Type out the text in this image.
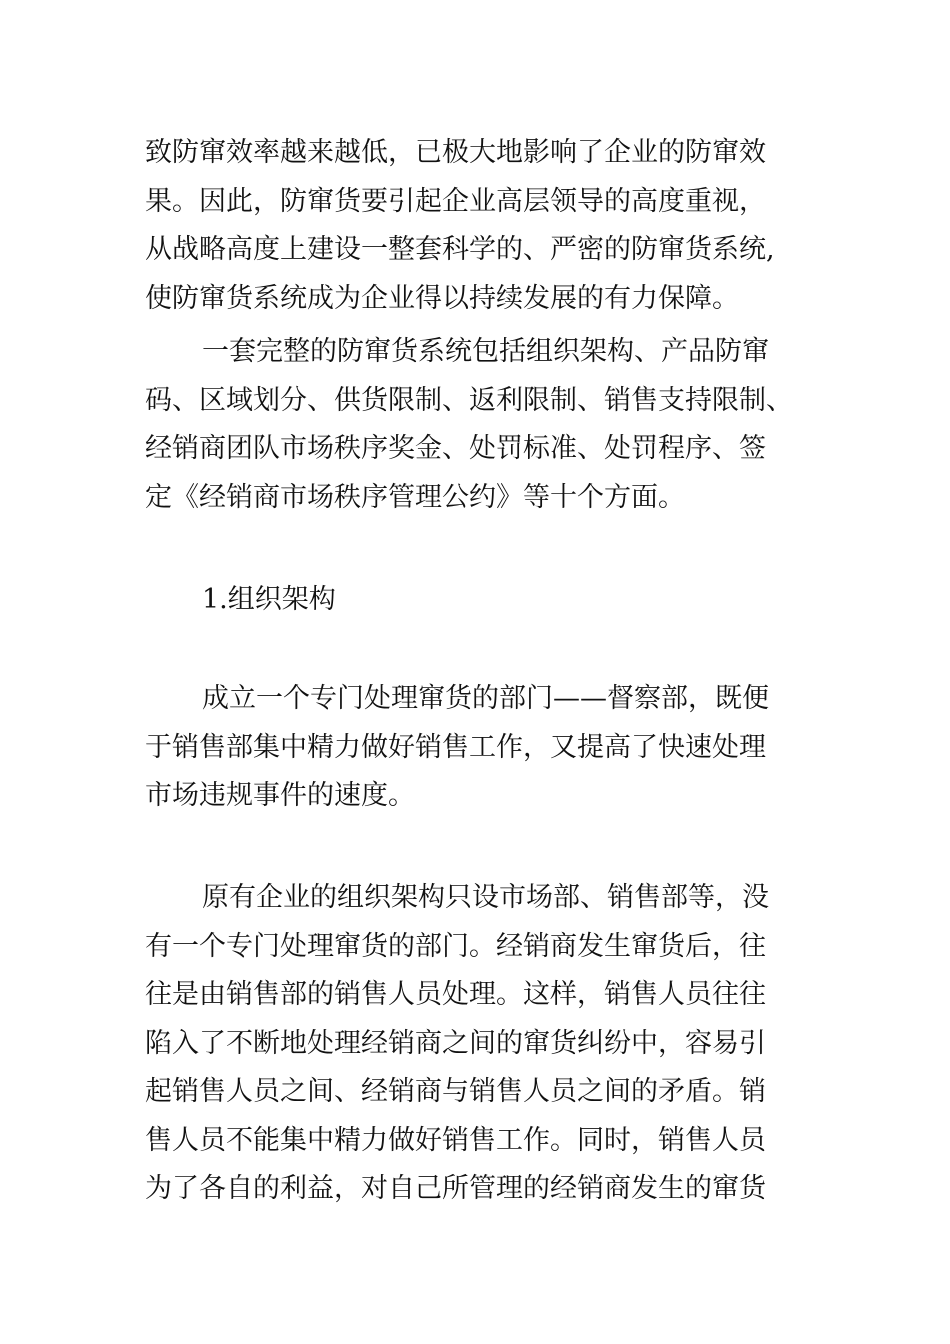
致防窜效率越来越低，已极大地影响了企业的防窜效
果。因此，防窜货要引起企业高层领导的高度重视，
从战略高度上建设一整套科学的、严密的防窜货系统,
使防窜货系统成为企业得以持续发展的有力保障。
一套完整的防窜货系统包括组织架构、产品防窜
码、区域划分、供货限制、返利限制、销售支持限制、
经销商团队市场秩序奖金、处罚标准、处罚程序、签
定《经销商市场秩序管理公约》等十个方面。
1.组织架构
成立一个专门处理窜货的部门——督察部，既便
于销售部集中精力做好销售工作，又提高了快速处理
市场违规事件的速度。
原有企业的组织架构只设市场部、销售部等，没
有一个专门处理窜货的部门。经销商发生窜货后，往
往是由销售部的销售人员处理。这样，销售人员往往
陷入了不断地处理经销商之间的窜货纠纷中，容易引
起销售人员之间、经销商与销售人员之间的矛盾。销
售人员不能集中精力做好销售工作。同时，销售人员
为了各自的利益，对自己所管理的经销商发生的窜货
